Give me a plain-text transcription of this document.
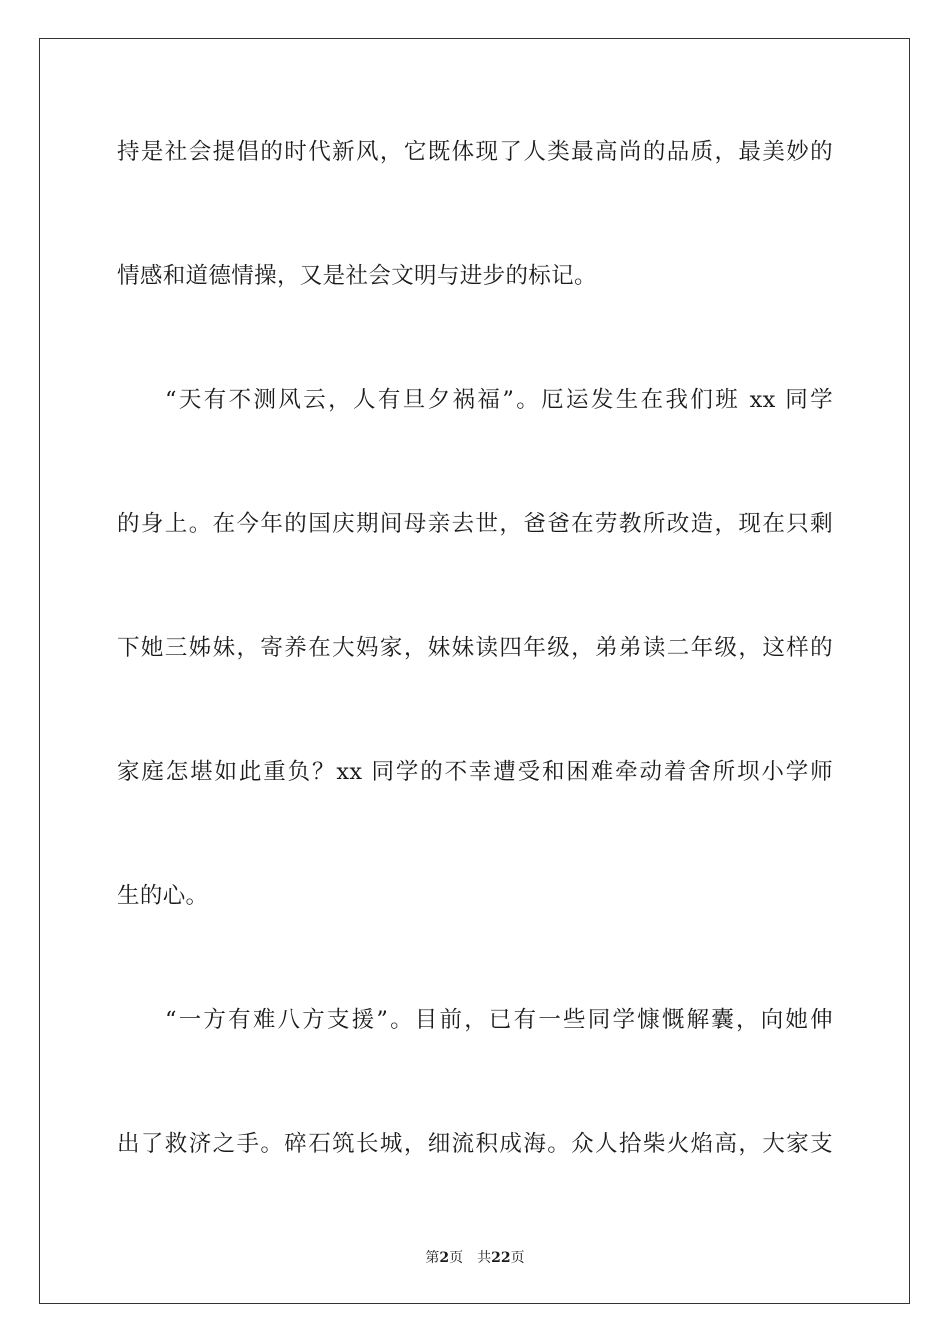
持是社会提倡的时代新风，它既体现了人类最高尚的品质，最美妙的
情感和道德情操，又是社会文明与进步的标记。
“天有不测风云，人有旦夕祸福”。厄运发生在我们班 xx 同学
的身上。在今年的国庆期间母亲去世，爸爸在劳教所改造，现在只剩
下她三姊妹，寄养在大妈家，妹妹读四年级，弟弟读二年级，这样的
家庭怎堪如此重负？xx 同学的不幸遭受和困难牵动着舍所坝小学师
生的心。
“一方有难八方支援”。目前，已有一些同学慷慨解囊，向她伸
出了救济之手。碎石筑长城，细流积成海。众人拾柴火焰高，大家支
第2页 共22页
